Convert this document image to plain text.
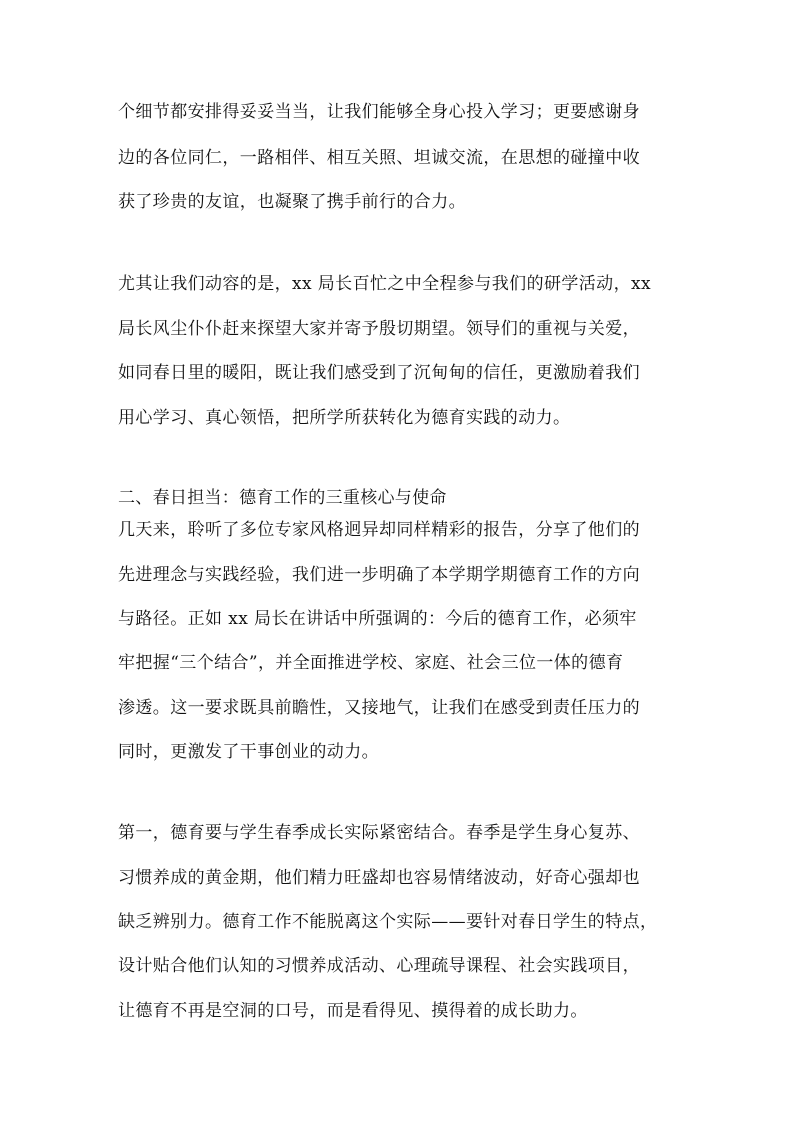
个细节都安排得妥妥当当，让我们能够全身心投入学习；更要感谢身
边的各位同仁，一路相伴、相互关照、坦诚交流，在思想的碰撞中收
获了珍贵的友谊，也凝聚了携手前行的合力。
尤其让我们动容的是，xx 局长百忙之中全程参与我们的研学活动，xx
局长风尘仆仆赶来探望大家并寄予殷切期望。领导们的重视与关爱，
如同春日里的暖阳，既让我们感受到了沉甸甸的信任，更激励着我们
用心学习、真心领悟，把所学所获转化为德育实践的动力。
二、春日担当：德育工作的三重核心与使命
几天来，聆听了多位专家风格迥异却同样精彩的报告，分享了他们的
先进理念与实践经验，我们进一步明确了本学期学期德育工作的方向
与路径。正如 xx 局长在讲话中所强调的：今后的德育工作，必须牢
牢把握“三个结合”，并全面推进学校、家庭、社会三位一体的德育
渗透。这一要求既具前瞻性，又接地气，让我们在感受到责任压力的
同时，更激发了干事创业的动力。
第一，德育要与学生春季成长实际紧密结合。春季是学生身心复苏、
习惯养成的黄金期，他们精力旺盛却也容易情绪波动，好奇心强却也
缺乏辨别力。德育工作不能脱离这个实际——要针对春日学生的特点，
设计贴合他们认知的习惯养成活动、心理疏导课程、社会实践项目，
让德育不再是空洞的口号，而是看得见、摸得着的成长助力。
